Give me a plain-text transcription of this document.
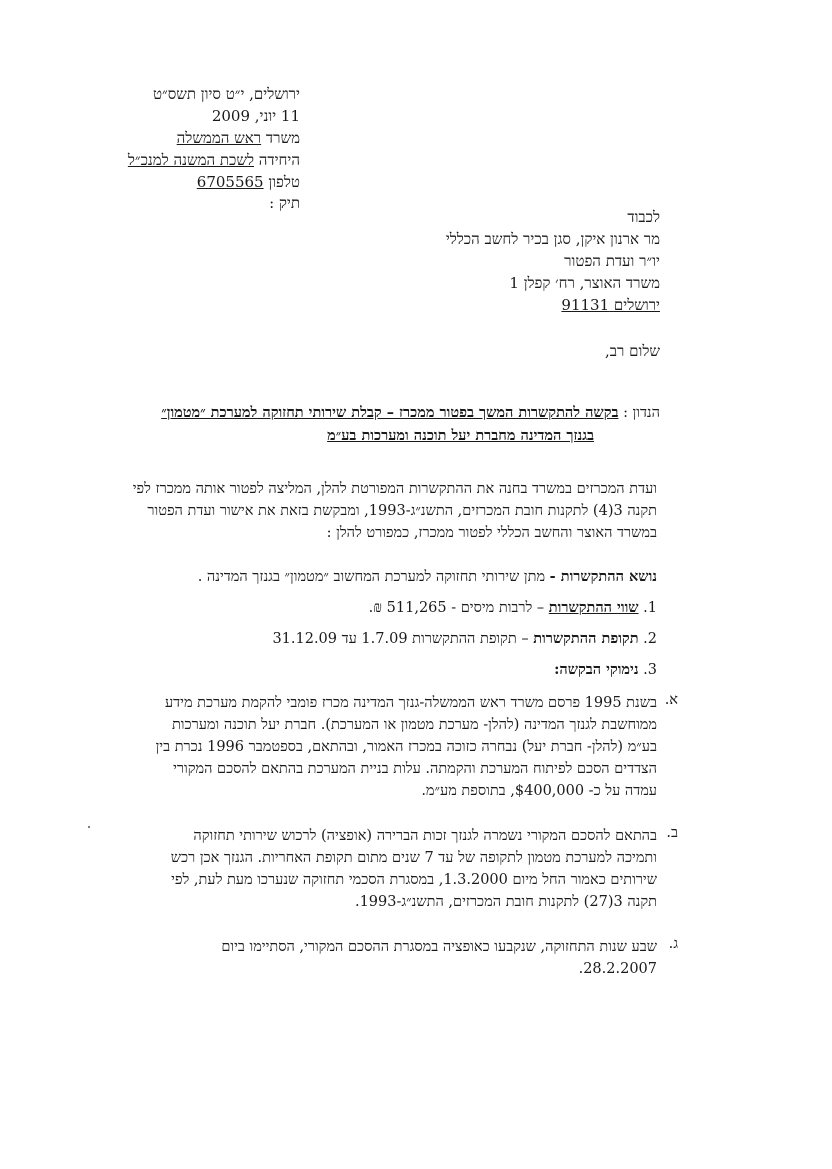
ירושלים, י״ט סיון תשס״ט
11 יוני, 2009
משרד ראש הממשלה
היחידה לשכת המשנה למנכ״ל
טלפון 6705565
תיק :
לכבוד
מר ארנון איקן, סגן בכיר לחשב הכללי
יו״ר ועדת הפטור
משרד האוצר, רח׳ קפלן 1
ירושלים 91131
שלום רב,
הנדון : בקשה להתקשרות המשך בפטור ממכרז – קבלת שירותי תחזוקה למערכת ״מטמון״
בגנזך המדינה מחברת יעל תוכנה ומערכות בע״מ
ועדת המכרזים במשרד בחנה את ההתקשרות המפורטת להלן, המליצה לפטור אותה ממכרז לפי
תקנה 3(4) לתקנות חובת המכרזים, התשנ״ג-1993, ומבקשת בזאת את אישור ועדת הפטור
במשרד האוצר והחשב הכללי לפטור ממכרז, כמפורט להלן :
נושא ההתקשרות - מתן שירותי תחזוקה למערכת המחשוב ״מטמון״ בגנזך המדינה .
1. שווי ההתקשרות – לרבות מיסים - 511,265 ₪.
2. תקופת ההתקשרות – תקופת ההתקשרות 1.7.09 עד 31.12.09
3. נימוקי הבקשה:
א.
בשנת 1995 פרסם משרד ראש הממשלה-גנזך המדינה מכרז פומבי להקמת מערכת מידע
ממוחשבת לגנזך המדינה (להלן- מערכת מטמון או המערכת). חברת יעל תוכנה ומערכות
בע״מ (להלן- חברת יעל) נבחרה כזוכה במכרז האמור, ובהתאם, בספטמבר 1996 נכרת בין
הצדדים הסכם לפיתוח המערכת והקמתה. עלות בניית המערכת בהתאם להסכם המקורי
עמדה על כ- $400,000, בתוספת מע״מ.
ב.
בהתאם להסכם המקורי נשמרה לגנזך זכות הברירה (אופציה) לרכוש שירותי תחזוקה
ותמיכה למערכת מטמון לתקופה של עד 7 שנים מתום תקופת האחריות. הגנזך אכן רכש
שירותים כאמור החל מיום 1.3.2000, במסגרת הסכמי תחזוקה שנערכו מעת לעת, לפי
תקנה 3(27) לתקנות חובת המכרזים, התשנ״ג-1993.
ג.
שבע שנות התחזוקה, שנקבעו כאופציה במסגרת ההסכם המקורי, הסתיימו ביום
28.2.2007.
